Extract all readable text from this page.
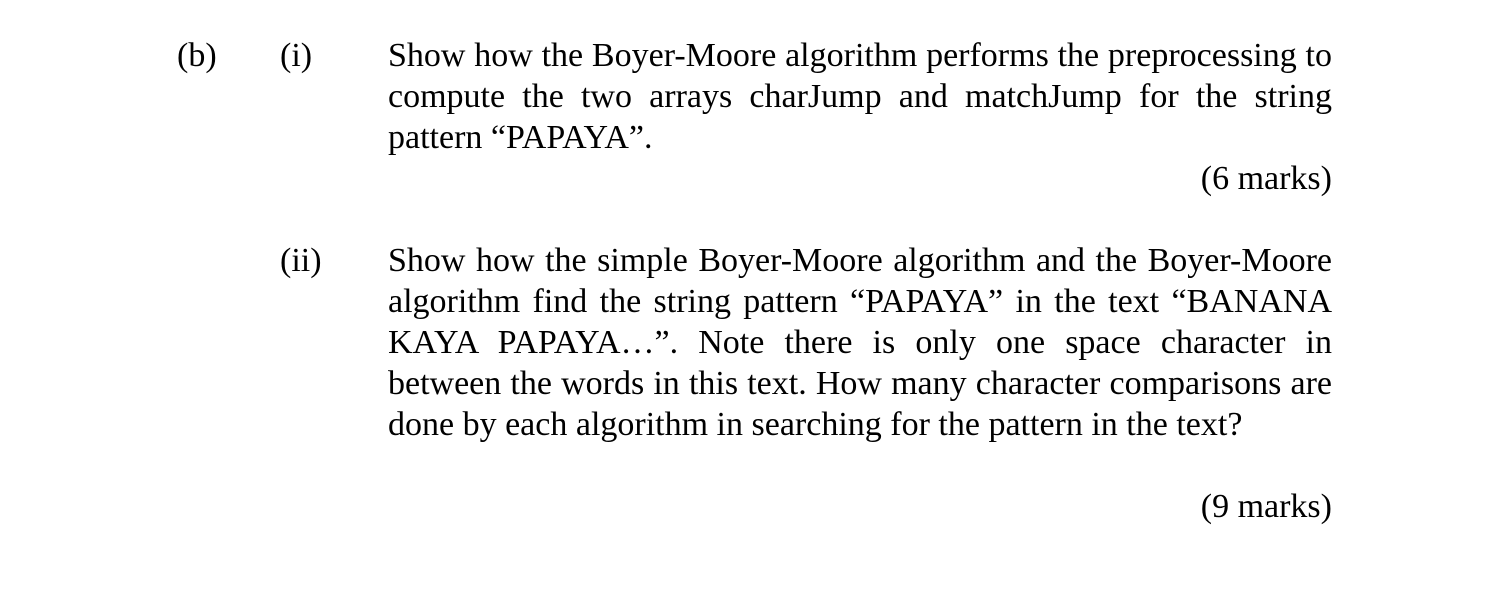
(b) (i) Show how the Boyer-Moore algorithm performs the preprocessing to compute the two arrays charJump and matchJump for the string pattern “PAPAYA”.
(6 marks)
(ii) Show how the simple Boyer-Moore algorithm and the Boyer-Moore algorithm find the string pattern “PAPAYA” in the text “BANANA KAYA PAPAYA…”. Note there is only one space character in between the words in this text. How many character comparisons are done by each algorithm in searching for the pattern in the text?
(9 marks)
